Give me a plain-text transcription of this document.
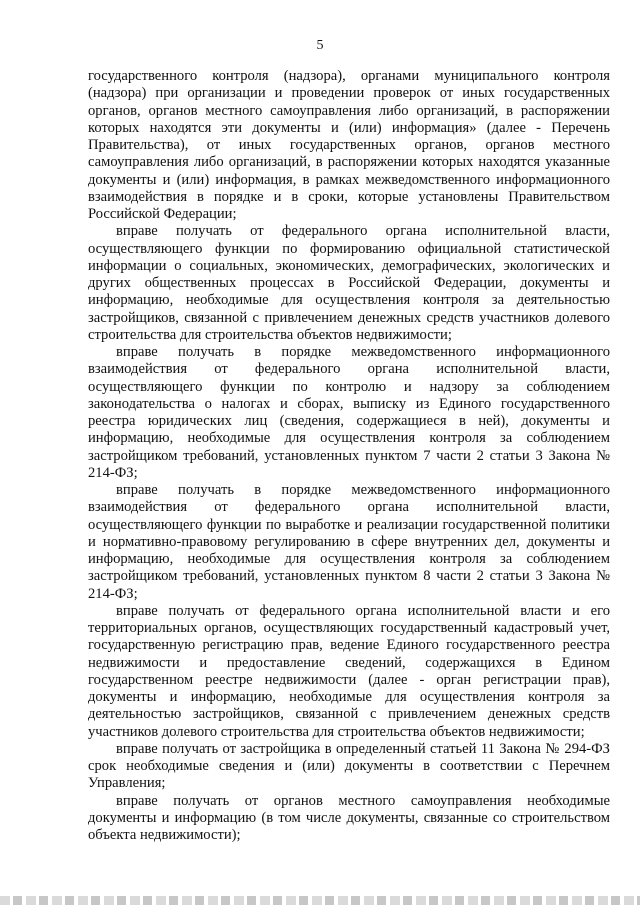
5

государственного контроля (надзора), органами муниципального контроля (надзора) при организации и проведении проверок от иных государственных органов, органов местного самоуправления либо организаций, в распоряжении которых находятся эти документы и (или) информация» (далее - Перечень Правительства), от иных государственных органов, органов местного самоуправления либо организаций, в распоряжении которых находятся указанные документы и (или) информация, в рамках межведомственного информационного взаимодействия в порядке и в сроки, которые установлены Правительством Российской Федерации;

вправе получать от федерального органа исполнительной власти, осуществляющего функции по формированию официальной статистической информации о социальных, экономических, демографических, экологических и других общественных процессах в Российской Федерации, документы и информацию, необходимые для осуществления контроля за деятельностью застройщиков, связанной с привлечением денежных средств участников долевого строительства для строительства объектов недвижимости;

вправе получать в порядке межведомственного информационного взаимодействия от федерального органа исполнительной власти, осуществляющего функции по контролю и надзору за соблюдением законодательства о налогах и сборах, выписку из Единого государственного реестра юридических лиц (сведения, содержащиеся в ней), документы и информацию, необходимые для осуществления контроля за соблюдением застройщиком требований, установленных пунктом 7 части 2 статьи 3 Закона № 214-ФЗ;

вправе получать в порядке межведомственного информационного взаимодействия от федерального органа исполнительной власти, осуществляющего функции по выработке и реализации государственной политики и нормативно-правовому регулированию в сфере внутренних дел, документы и информацию, необходимые для осуществления контроля за соблюдением застройщиком требований, установленных пунктом 8 части 2 статьи 3 Закона № 214-ФЗ;

вправе получать от федерального органа исполнительной власти и его территориальных органов, осуществляющих государственный кадастровый учет, государственную регистрацию прав, ведение Единого государственного реестра недвижимости и предоставление сведений, содержащихся в Едином государственном реестре недвижимости (далее - орган регистрации прав), документы и информацию, необходимые для осуществления контроля за деятельностью застройщиков, связанной с привлечением денежных средств участников долевого строительства для строительства объектов недвижимости;

вправе получать от застройщика в определенный статьей 11 Закона № 294-ФЗ срок необходимые сведения и (или) документы в соответствии с Перечнем Управления;

вправе получать от органов местного самоуправления необходимые документы и информацию (в том числе документы, связанные со строительством объекта недвижимости);
